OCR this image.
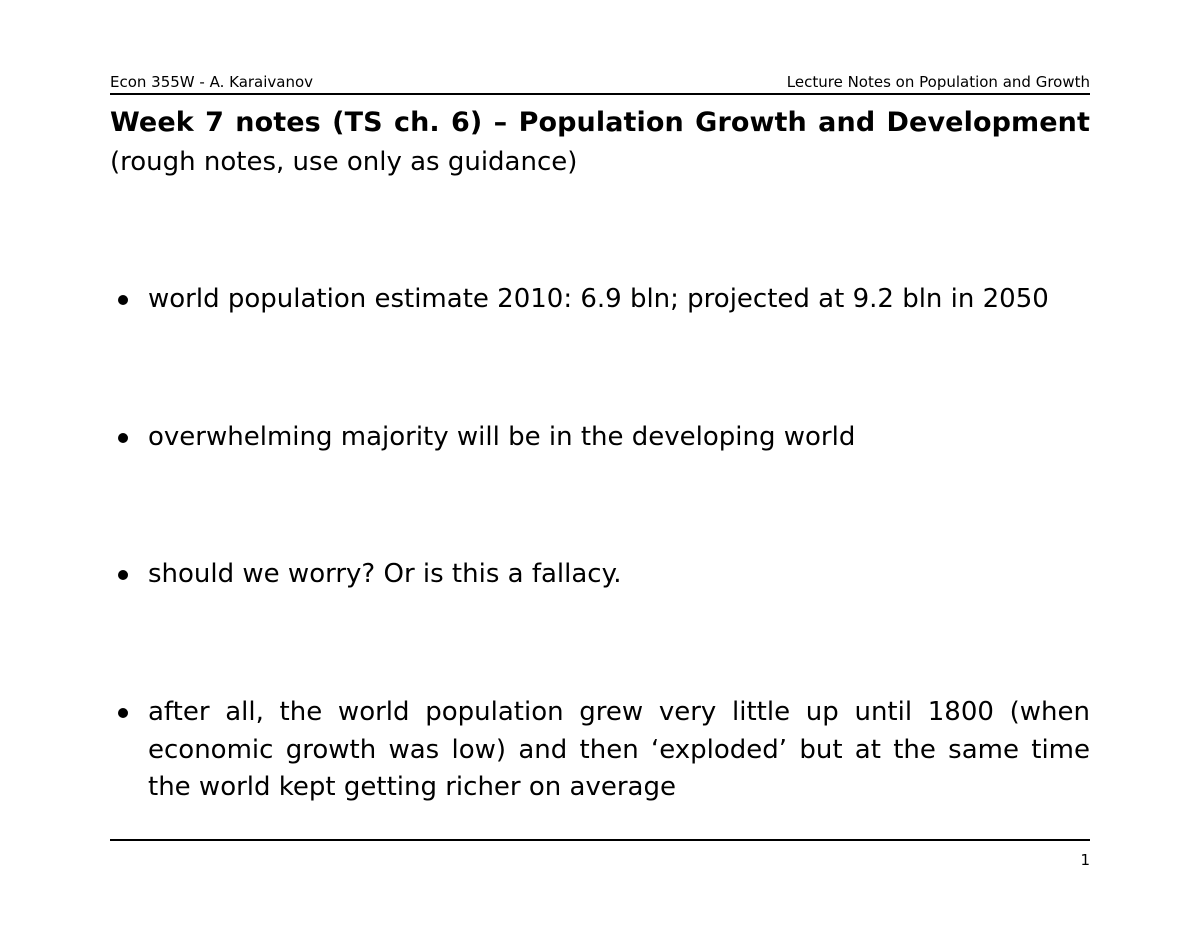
Econ 355W - A. Karaivanov	Lecture Notes on Population and Growth
Week 7 notes (TS ch. 6) – Population Growth and Development
(rough notes, use only as guidance)
world population estimate 2010: 6.9 bln; projected at 9.2 bln in 2050
overwhelming majority will be in the developing world
should we worry? Or is this a fallacy.
after all, the world population grew very little up until 1800 (when economic growth was low) and then ‘exploded’ but at the same time the world kept getting richer on average
1
